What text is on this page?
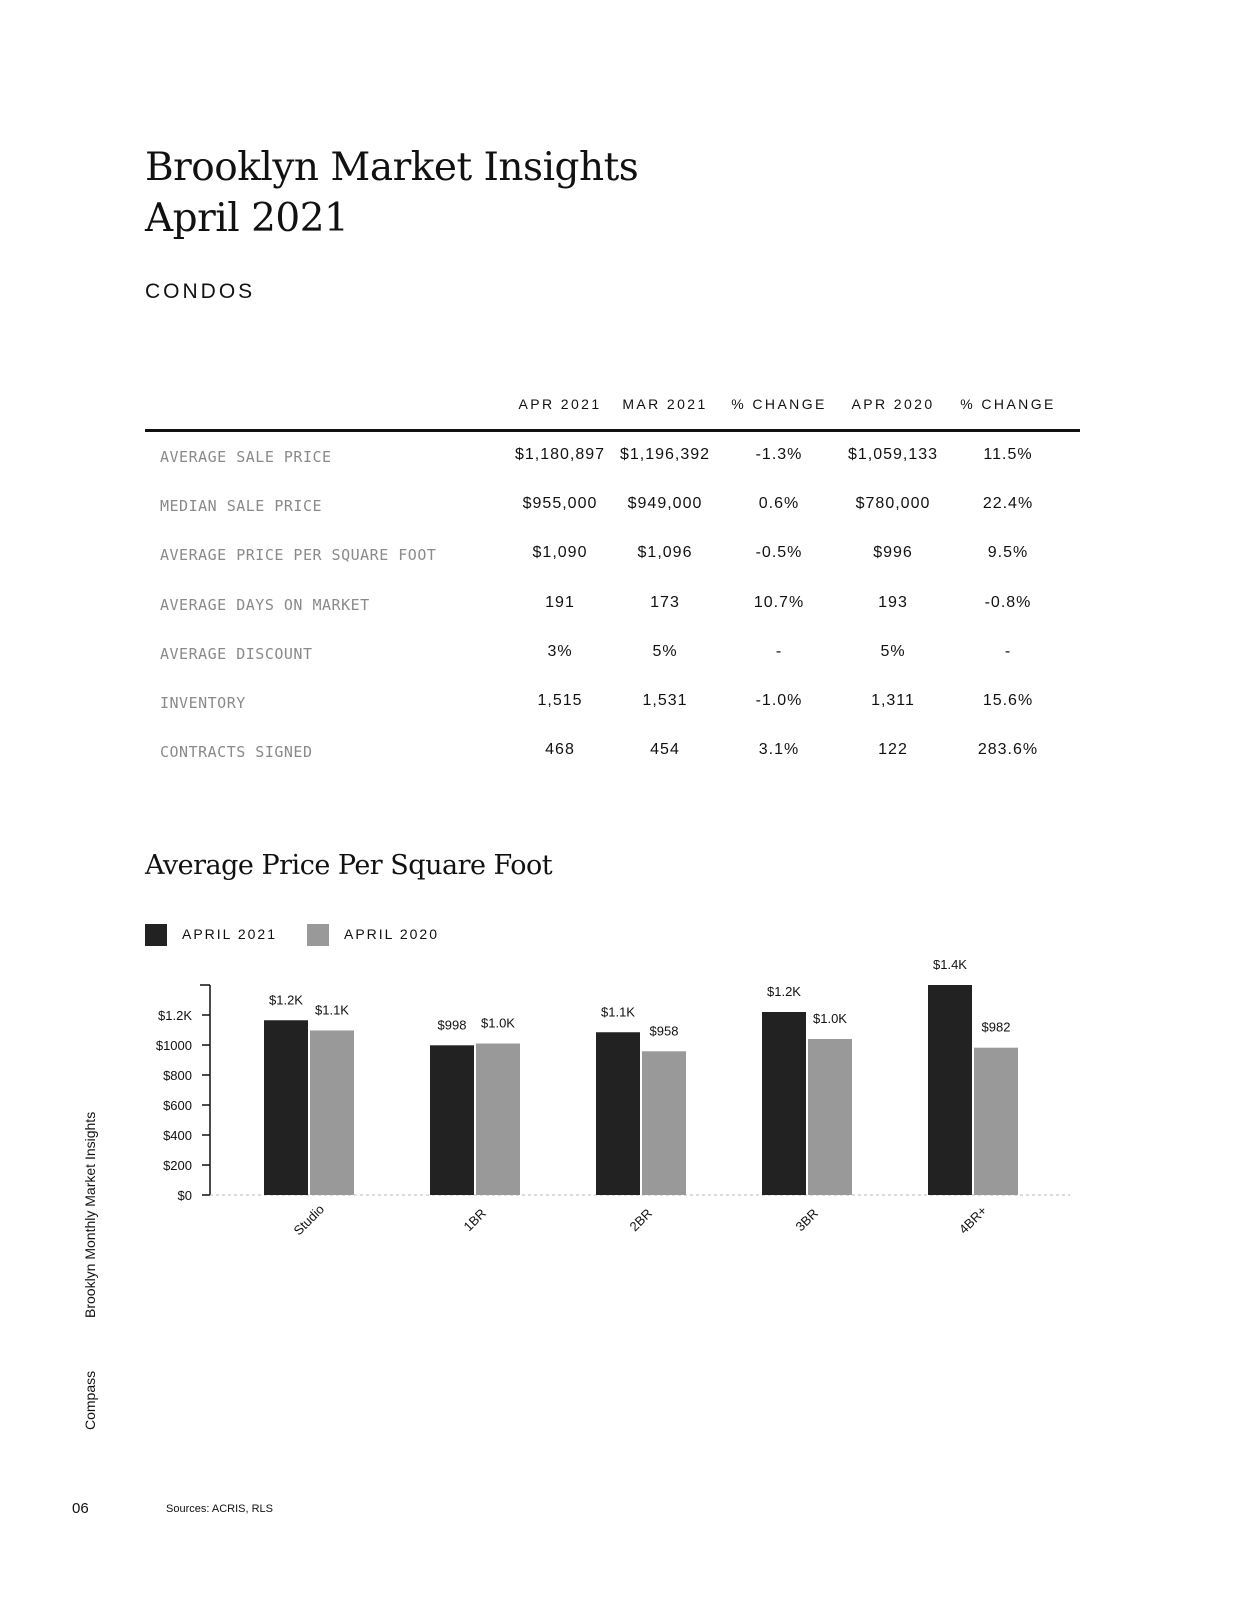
Brooklyn Market Insights
April 2021
CONDOS
APR 2021	MAR 2021	% CHANGE	APR 2020	% CHANGE
AVERAGE SALE PRICE	$1,180,897 $1,196,392	-1.3%	$1,059,133	11.5%
MEDIAN SALE PRICE	$955,000	$949,000	0.6%	$780,000	22.4%
AVERAGE PRICE PER SQUARE FOOT	$1,090	$1,096	-0.5%	$996	9.5%
AVERAGE DAYS ON MARKET	191	173	10.7%	193	-0.8%
AVERAGE DISCOUNT	3%	5%	-	5%	-
INVENTORY	1,515	1,531	-1.0%	1,311	15.6%
CONTRACTS SIGNED	468	454	3.1%	122	283.6%
Average Price Per Square Foot
APRIL 2021	APRIL 2020
$0
$200
$400
$600
$800
$1000
$1.2K
$1.2K
$1.1K
Studio
$998 $1.0K
1BR
$1.1K
$958
2BR
$1.2K
$1.0K
3BR
$1.4K
$982
4BR+
Compass
Brooklyn Monthly Market Insights
06	Sources: ACRIS, RLS
